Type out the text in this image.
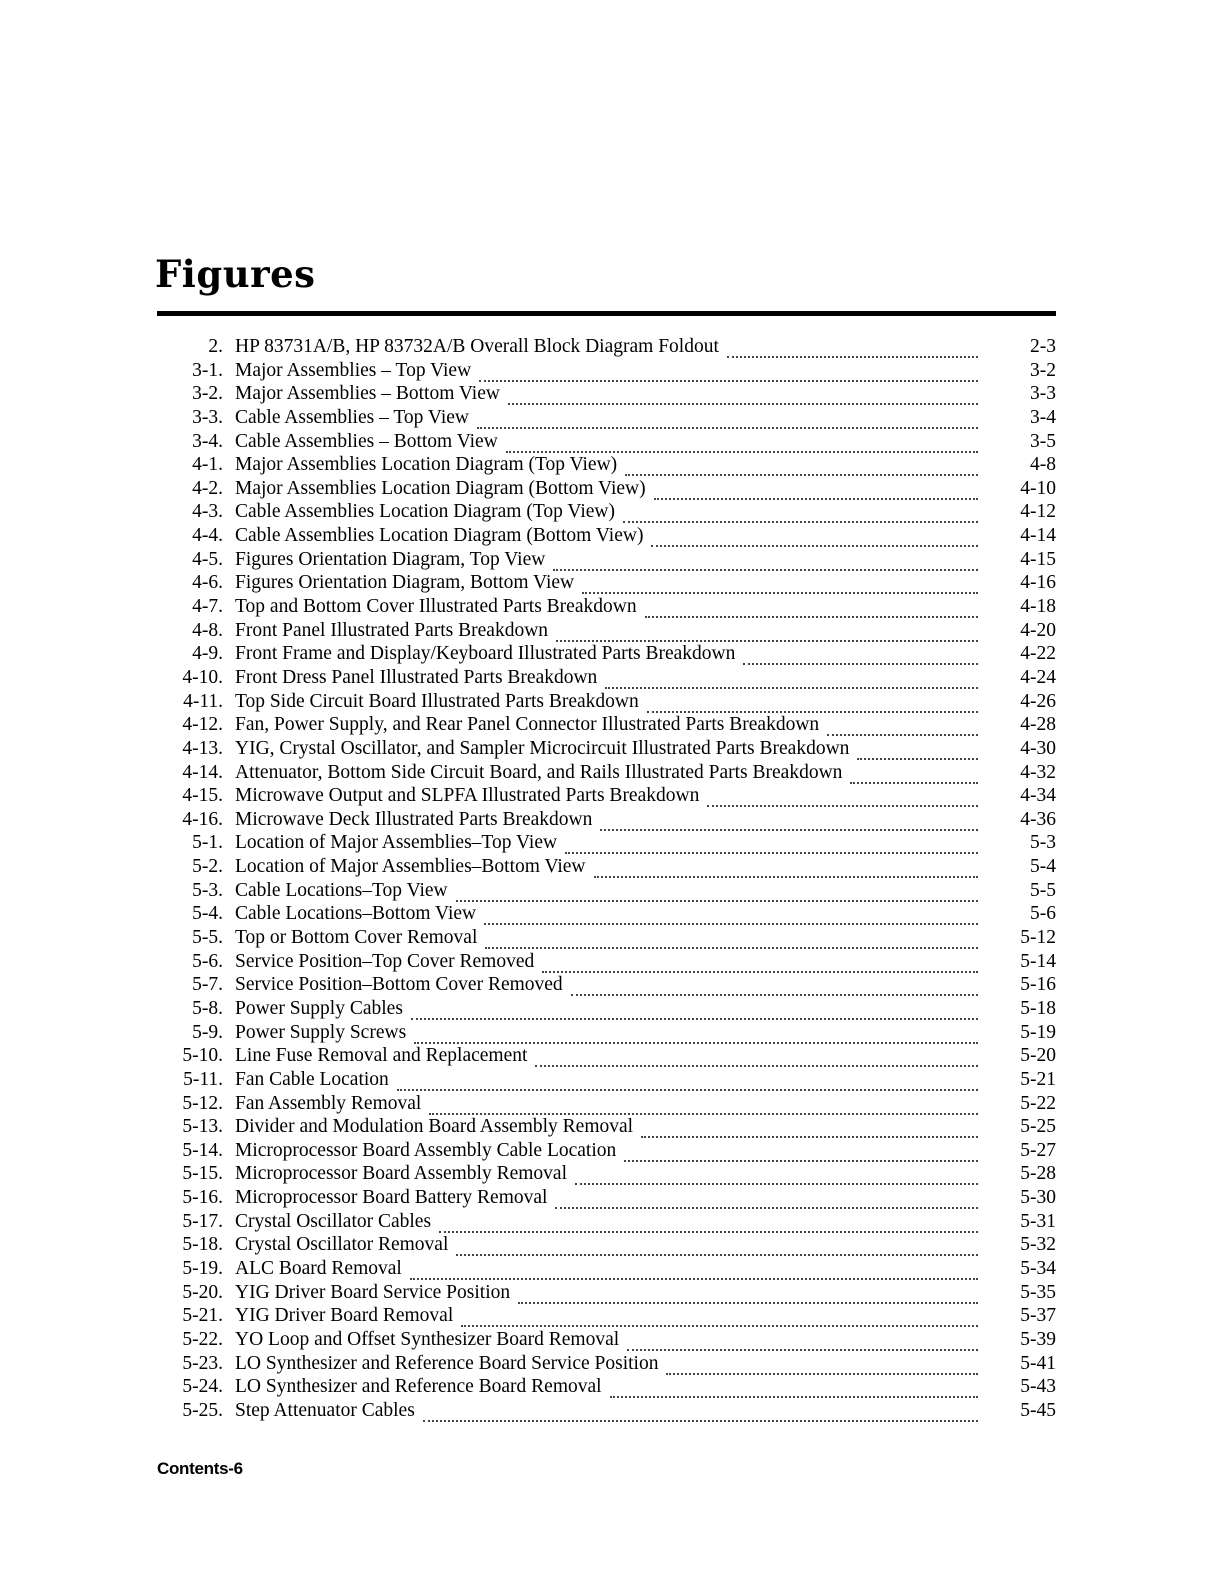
Figures
2. HP 83731A/B, HP 83732A/B Overall Block Diagram Foldout	2-3
3-1. Major Assemblies – Top View	3-2
3-2. Major Assemblies – Bottom View	3-3
3-3. Cable Assemblies – Top View	3-4
3-4. Cable Assemblies – Bottom View	3-5
4-1. Major Assemblies Location Diagram (Top View)	4-8
4-2. Major Assemblies Location Diagram (Bottom View)	4-10
4-3. Cable Assemblies Location Diagram (Top View)	4-12
4-4. Cable Assemblies Location Diagram (Bottom View)	4-14
4-5. Figures Orientation Diagram, Top View	4-15
4-6. Figures Orientation Diagram, Bottom View	4-16
4-7. Top and Bottom Cover Illustrated Parts Breakdown	4-18
4-8. Front Panel Illustrated Parts Breakdown	4-20
4-9. Front Frame and Display/Keyboard Illustrated Parts Breakdown	4-22
4-10. Front Dress Panel Illustrated Parts Breakdown	4-24
4-11. Top Side Circuit Board Illustrated Parts Breakdown	4-26
4-12. Fan, Power Supply, and Rear Panel Connector Illustrated Parts Breakdown	4-28
4-13. YIG, Crystal Oscillator, and Sampler Microcircuit Illustrated Parts Breakdown	4-30
4-14. Attenuator, Bottom Side Circuit Board, and Rails Illustrated Parts Breakdown	4-32
4-15. Microwave Output and SLPFA Illustrated Parts Breakdown	4-34
4-16. Microwave Deck Illustrated Parts Breakdown	4-36
5-1. Location of Major Assemblies–Top View	5-3
5-2. Location of Major Assemblies–Bottom View	5-4
5-3. Cable Locations–Top View	5-5
5-4. Cable Locations–Bottom View	5-6
5-5. Top or Bottom Cover Removal	5-12
5-6. Service Position–Top Cover Removed	5-14
5-7. Service Position–Bottom Cover Removed	5-16
5-8. Power Supply Cables	5-18
5-9. Power Supply Screws	5-19
5-10. Line Fuse Removal and Replacement	5-20
5-11. Fan Cable Location	5-21
5-12. Fan Assembly Removal	5-22
5-13. Divider and Modulation Board Assembly Removal	5-25
5-14. Microprocessor Board Assembly Cable Location	5-27
5-15. Microprocessor Board Assembly Removal	5-28
5-16. Microprocessor Board Battery Removal	5-30
5-17. Crystal Oscillator Cables	5-31
5-18. Crystal Oscillator Removal	5-32
5-19. ALC Board Removal	5-34
5-20. YIG Driver Board Service Position	5-35
5-21. YIG Driver Board Removal	5-37
5-22. YO Loop and Offset Synthesizer Board Removal	5-39
5-23. LO Synthesizer and Reference Board Service Position	5-41
5-24. LO Synthesizer and Reference Board Removal	5-43
5-25. Step Attenuator Cables	5-45
Contents-6
